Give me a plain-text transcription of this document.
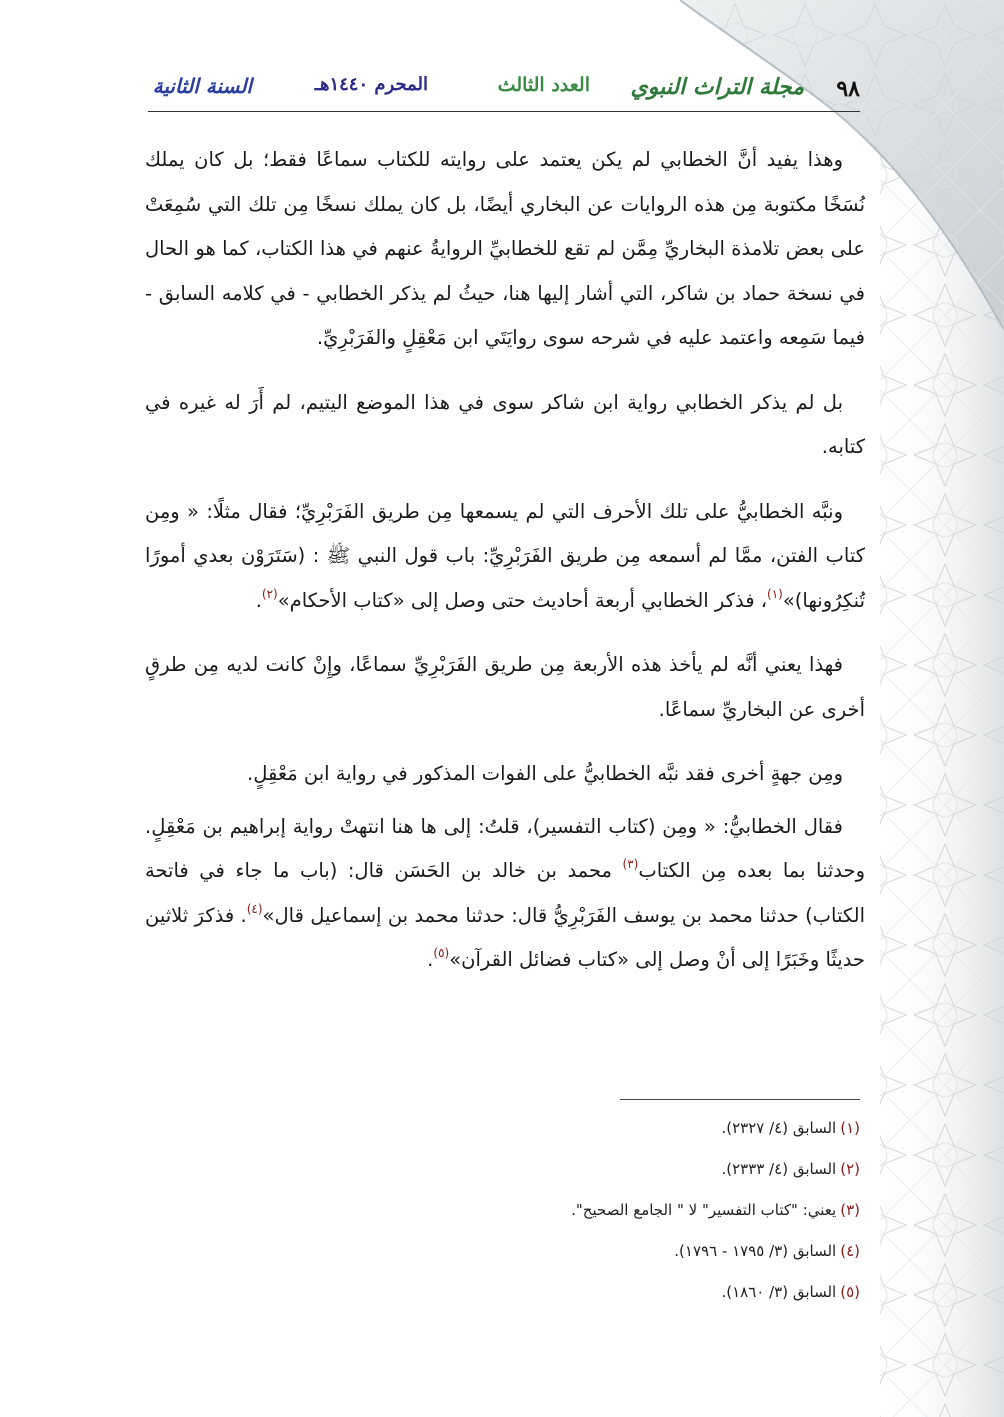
٩٨
مجلة التراث النبوي
العدد الثالث
المحرم ١٤٤٠هـ
السنة الثانية

وهذا يفيد أنَّ الخطابي لم يكن يعتمد على روايته للكتاب سماعًا فقط؛ بل كان يملك نُسَخًا مكتوبة مِن هذه الروايات عن البخاري أيضًا، بل كان يملك نسخًا مِن تلك التي سُمِعَتْ على بعض تلامذة البخاريِّ مِمَّن لم تقع للخطابيِّ الروايةُ عنهم في هذا الكتاب، كما هو الحال في نسخة حماد بن شاكر، التي أشار إليها هنا، حيثُ لم يذكر الخطابي - في كلامه السابق - فيما سَمِعه واعتمد عليه في شرحه سوى روايَتَي ابن مَعْقِلٍ والفَرَبْرِيِّ.

بل لم يذكر الخطابي رواية ابن شاكر سوى في هذا الموضع اليتيم، لم أَرَ له غيره في كتابه.

ونبَّه الخطابيُّ على تلك الأحرف التي لم يسمعها مِن طريق الفَرَبْرِيِّ؛ فقال مثلًا: « ومِن كتاب الفتن، ممَّا لم أسمعه مِن طريق الفَرَبْرِيِّ: باب قول النبي ﷺ : (سَتَرَوْن بعدي أمورًا تُنكِرُونها)»$^{(١)}$، فذكر الخطابي أربعة أحاديث حتى وصل إلى «كتاب الأحكام»$^{(٢)}$.

فهذا يعني أنَّه لم يأخذ هذه الأربعة مِن طريق الفَرَبْرِيِّ سماعًا، وإِنْ كانت لديه مِن طرقٍ أخرى عن البخاريِّ سماعًا.

ومِن جهةٍ أخرى فقد نبَّه الخطابيُّ على الفوات المذكور في رواية ابن مَعْقِلٍ.

فقال الخطابيُّ: « ومِن (كتاب التفسير)، قلتُ: إلى ها هنا انتهتْ رواية إبراهيم بن مَعْقِلٍ. وحدثنا بما بعده مِن الكتاب$^{(٣)}$ محمد بن خالد بن الحَسَن قال: (باب ما جاء في فاتحة الكتاب) حدثنا محمد بن يوسف الفَرَبْرِيُّ قال: حدثنا محمد بن إسماعيل قال»$^{(٤)}$. فذكرَ ثلاثين حديثًا وخَبَرًا إلى أنْ وصل إلى «كتاب فضائل القرآن»$^{(٥)}$.

(١)السابق (٤/ ٢٣٢٧).
(٢)السابق (٤/ ٢٣٣٣).
(٣)يعني: "كتاب التفسير" لا " الجامع الصحيح".
(٤)السابق (٣/ ١٧٩٥ - ١٧٩٦).
(٥)السابق (٣/ ١٨٦٠).
